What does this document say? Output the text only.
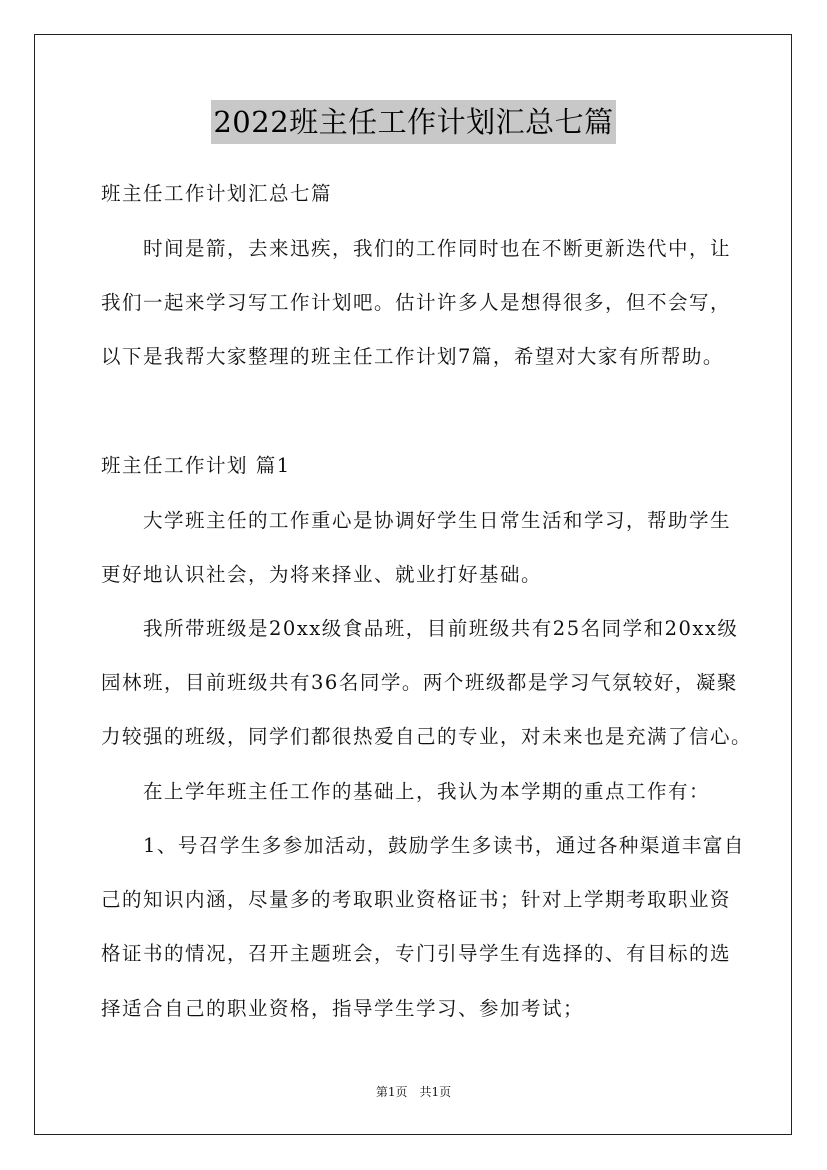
2022班主任工作计划汇总七篇
班主任工作计划汇总七篇
时间是箭，去来迅疾，我们的工作同时也在不断更新迭代中，让
我们一起来学习写工作计划吧。估计许多人是想得很多，但不会写，
以下是我帮大家整理的班主任工作计划7篇，希望对大家有所帮助。
班主任工作计划 篇1
大学班主任的工作重心是协调好学生日常生活和学习，帮助学生
更好地认识社会，为将来择业、就业打好基础。
我所带班级是20xx级食品班，目前班级共有25名同学和20xx级
园林班，目前班级共有36名同学。两个班级都是学习气氛较好，凝聚
力较强的班级，同学们都很热爱自己的专业，对未来也是充满了信心。
在上学年班主任工作的基础上，我认为本学期的重点工作有：
1、号召学生多参加活动，鼓励学生多读书，通过各种渠道丰富自
己的知识内涵，尽量多的考取职业资格证书；针对上学期考取职业资
格证书的情况，召开主题班会，专门引导学生有选择的、有目标的选
择适合自己的职业资格，指导学生学习、参加考试；
第1页　共1页
